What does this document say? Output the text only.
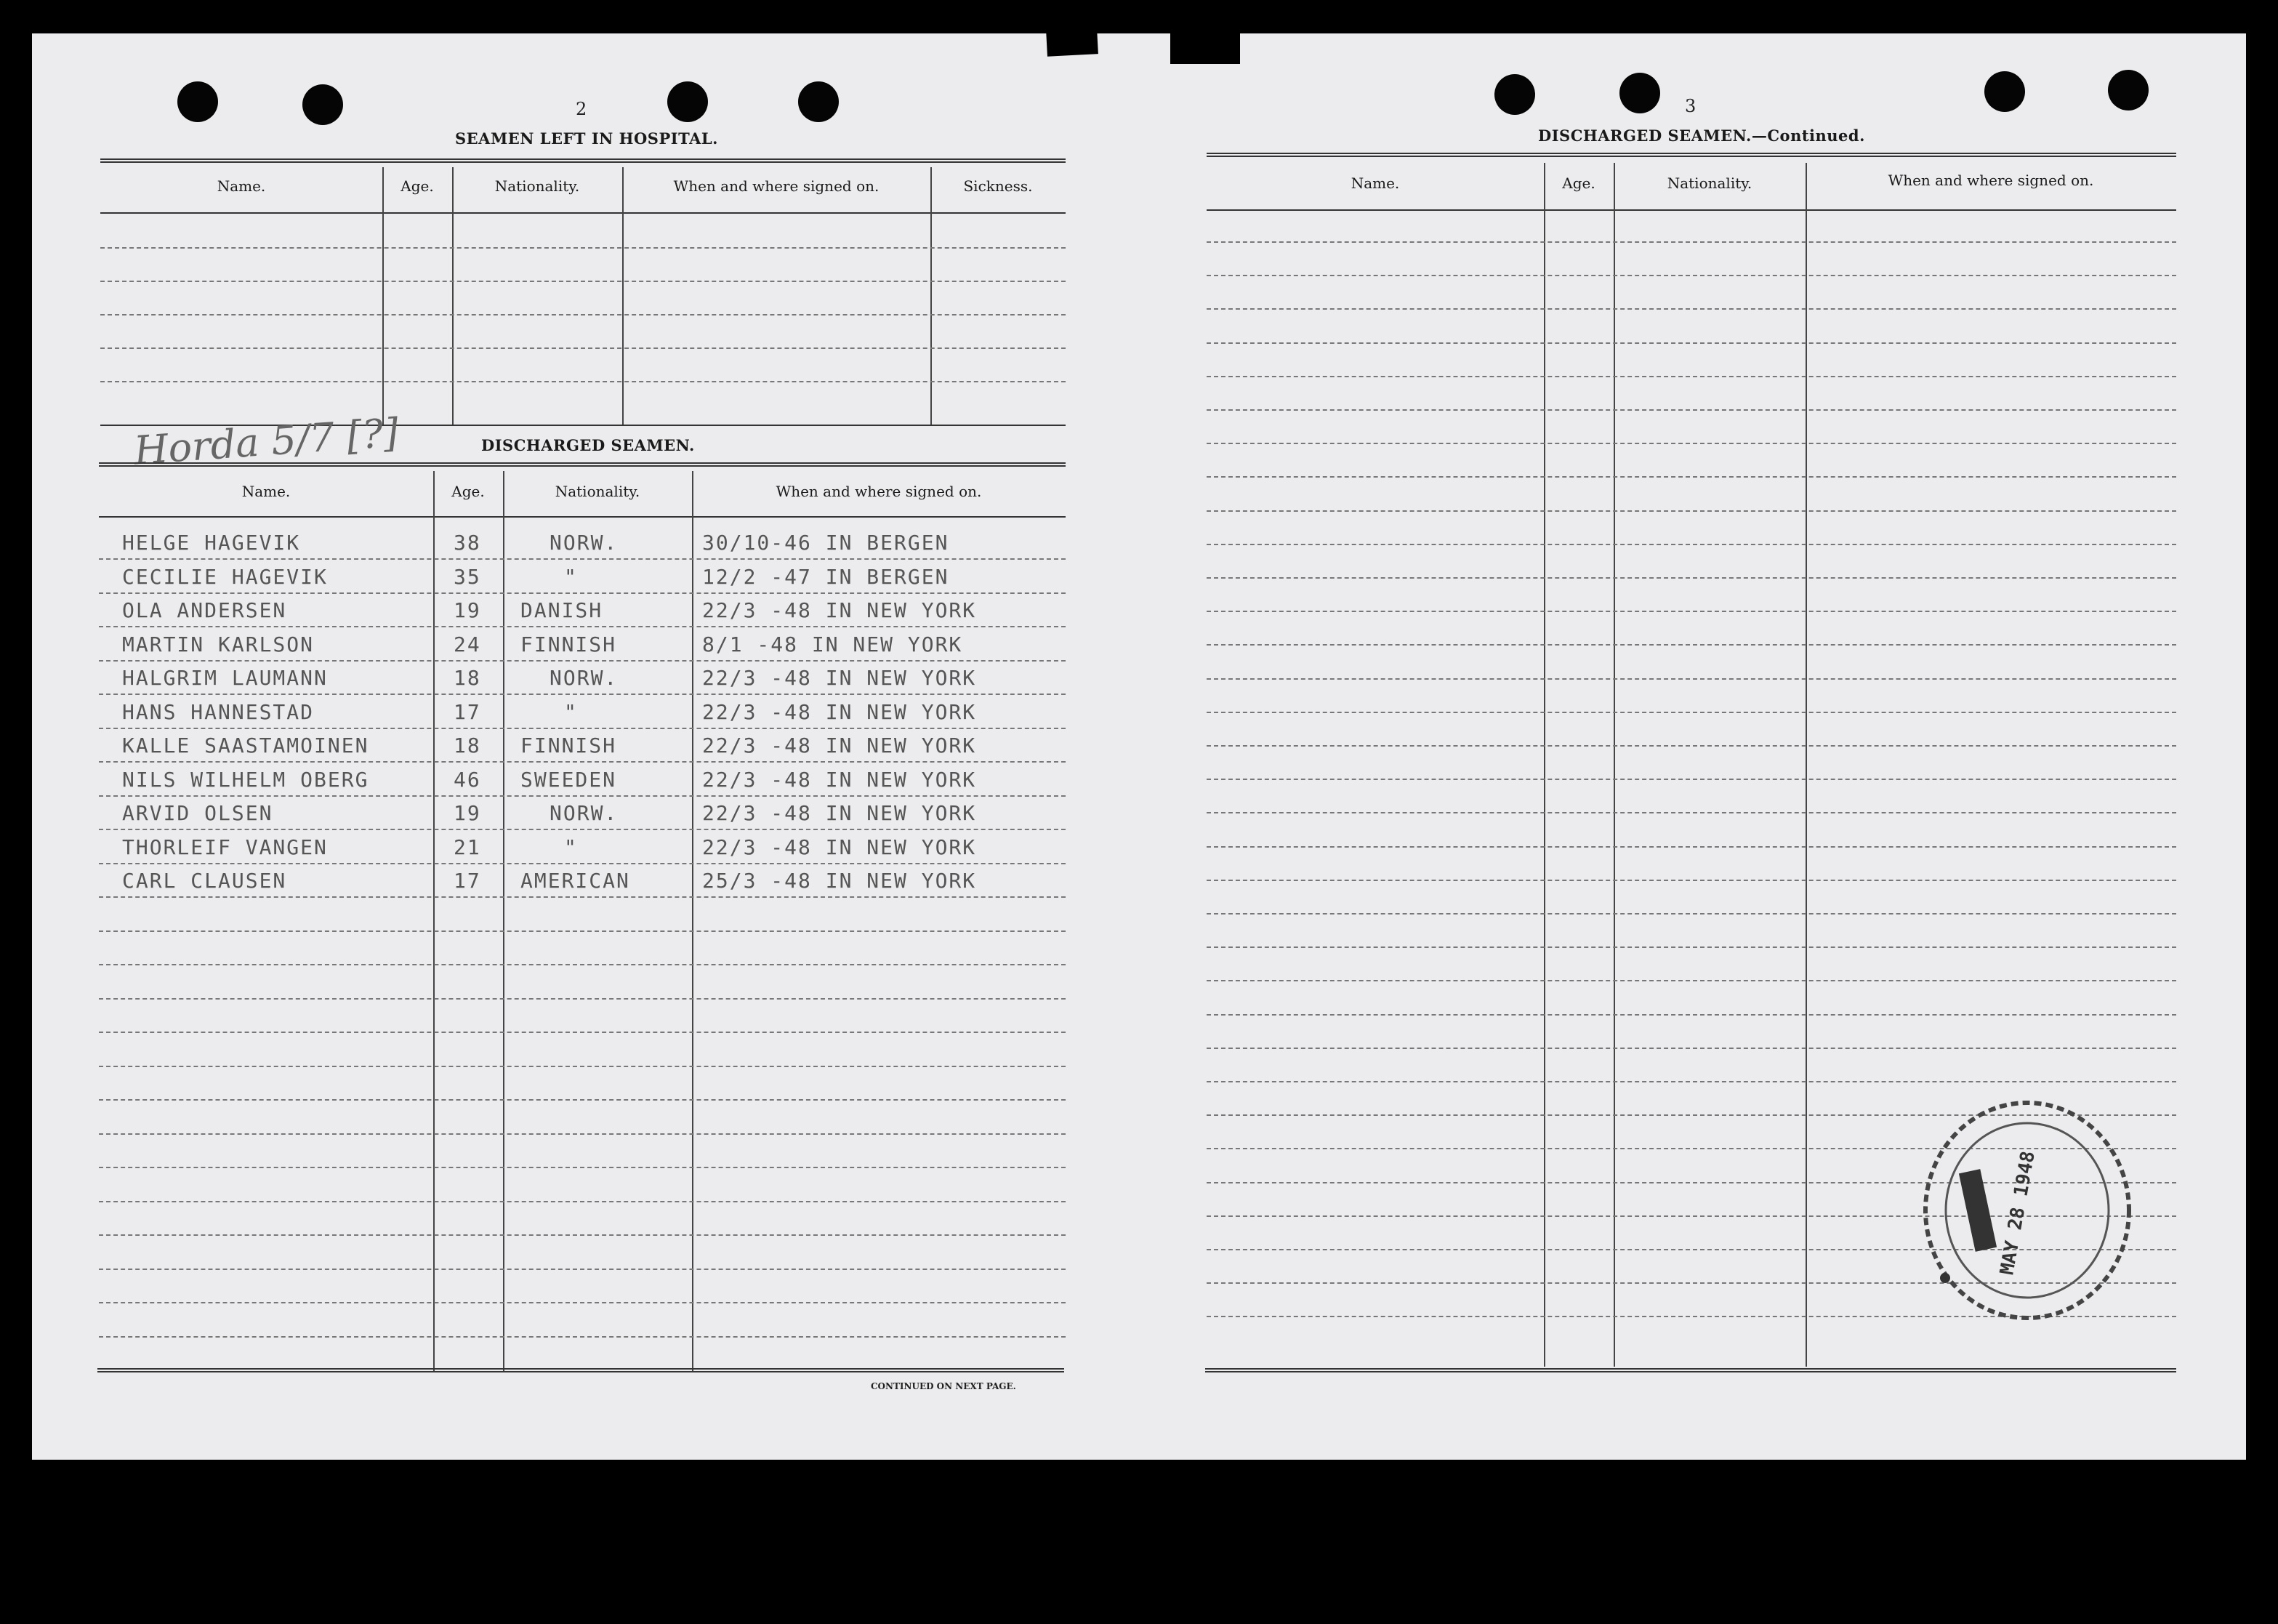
2
SEAMEN LEFT IN HOSPITAL.
Name.	Age.	Nationality.	When and where signed on.	Sickness.
Horda 5/7 [?]	DISCHARGED SEAMEN.
Name.	Age.	Nationality.	When and where signed on.
HELGE HAGEVIK	38	NORW.	30/10-46 IN BERGEN
CECILIE HAGEVIK	35	"	12/2 -47 IN BERGEN
OLA ANDERSEN	19 DANISH	22/3 -48 IN NEW YORK
MARTIN KARLSON	24 FINNISH	8/1 -48 IN NEW YORK
HALGRIM LAUMANN	18	NORW.	22/3 -48 IN NEW YORK
HANS HANNESTAD	17	"	22/3 -48 IN NEW YORK
KALLE SAASTAMOINEN	18 FINNISH	22/3 -48 IN NEW YORK
NILS WILHELM OBERG	46 SWEEDEN	22/3 -48 IN NEW YORK
ARVID OLSEN	19	NORW.	22/3 -48 IN NEW YORK
THORLEIF VANGEN	21	"	22/3 -48 IN NEW YORK
CARL CLAUSEN	17 AMERICAN	25/3 -48 IN NEW YORK
CONTINUED ON NEXT PAGE.
3
DISCHARGED SEAMEN.—Continued.
Name.	Age.	Nationality.	When and where signed on.
MAY 28 1948
